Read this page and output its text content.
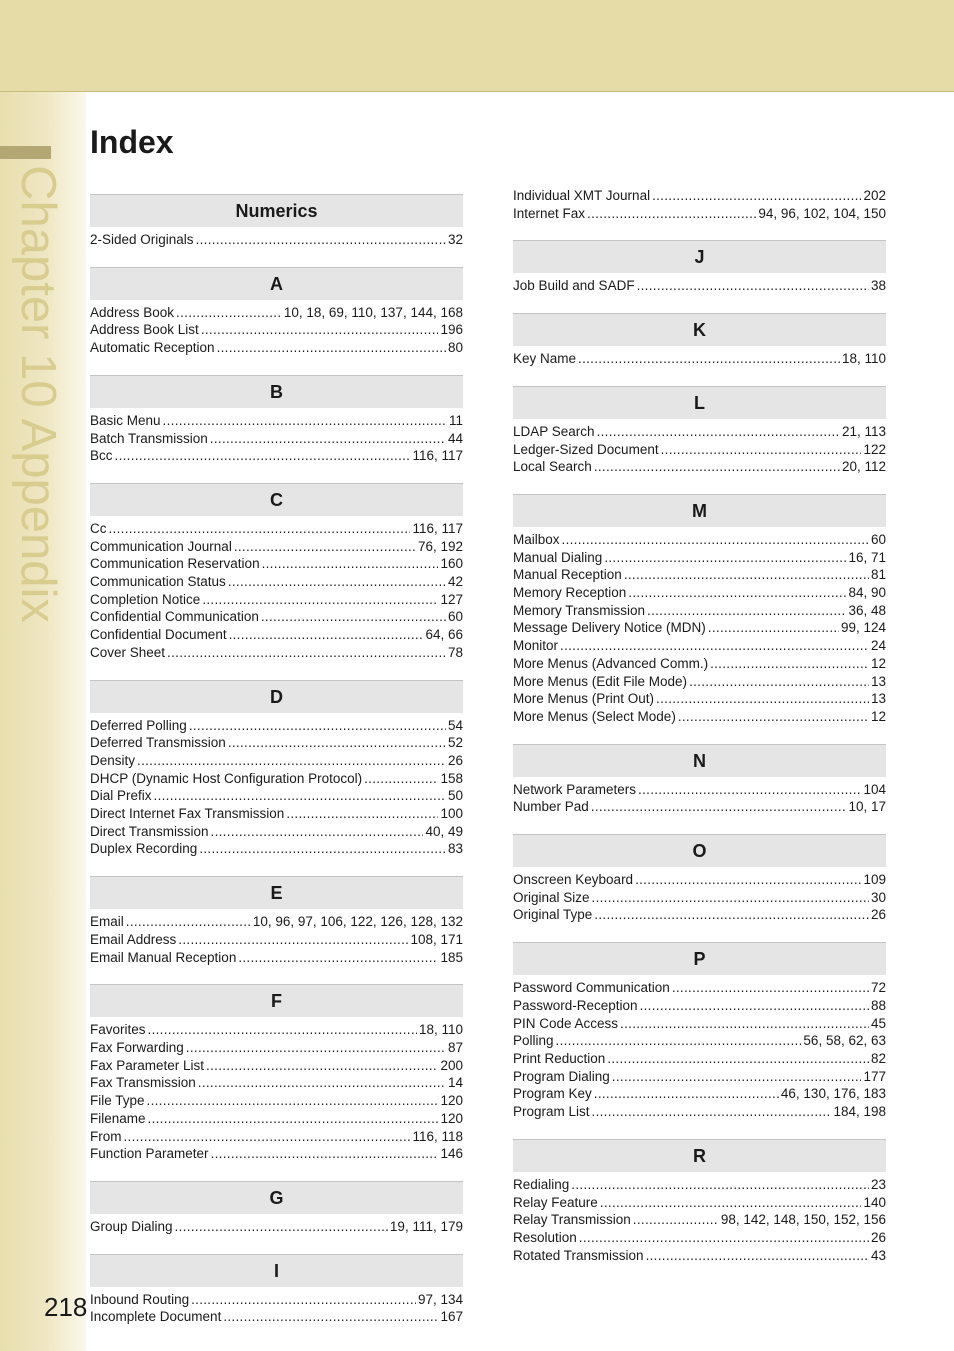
Chapter 10 Appendix
Index
Numerics
2-Sided Originals .....	32
A
Address Book .....	10, 18, 69, 110, 137, 144, 168
Address Book List .....	196
Automatic Reception .....	80
B
Basic Menu .....	11
Batch Transmission .....	44
Bcc .....	116, 117
C
Cc .....	116, 117
Communication Journal .....	76, 192
Communication Reservation .....	160
Communication Status .....	42
Completion Notice .....	127
Confidential Communication .....	60
Confidential Document .....	64, 66
Cover Sheet .....	78
D
Deferred Polling .....	54
Deferred Transmission .....	52
Density .....	26
DHCP (Dynamic Host Configuration Protocol) .....	158
Dial Prefix .....	50
Direct Internet Fax Transmission .....	100
Direct Transmission .....	40, 49
Duplex Recording .....	83
E
Email .....	10, 96, 97, 106, 122, 126, 128, 132
Email Address .....	108, 171
Email Manual Reception .....	185
F
Favorites .....	18, 110
Fax Forwarding .....	87
Fax Parameter List .....	200
Fax Transmission .....	14
File Type .....	120
Filename .....	120
From .....	116, 118
Function Parameter .....	146
G
Group Dialing .....	19, 111, 179
I
Inbound Routing .....	97, 134
Incomplete Document .....	167
Individual XMT Journal .....	202
Internet Fax .....	94, 96, 102, 104, 150
J
Job Build and SADF .....	38
K
Key Name .....	18, 110
L
LDAP Search .....	21, 113
Ledger-Sized Document .....	122
Local Search .....	20, 112
M
Mailbox .....	60
Manual Dialing .....	16, 71
Manual Reception .....	81
Memory Reception .....	84, 90
Memory Transmission .....	36, 48
Message Delivery Notice (MDN) .....	99, 124
Monitor .....	24
More Menus (Advanced Comm.) .....	12
More Menus (Edit File Mode) .....	13
More Menus (Print Out) .....	13
More Menus (Select Mode) .....	12
N
Network Parameters .....	104
Number Pad .....	10, 17
O
Onscreen Keyboard .....	109
Original Size .....	30
Original Type .....	26
P
Password Communication .....	72
Password-Reception .....	88
PIN Code Access .....	45
Polling .....	56, 58, 62, 63
Print Reduction .....	82
Program Dialing .....	177
Program Key .....	46, 130, 176, 183
Program List .....	184, 198
R
Redialing .....	23
Relay Feature .....	140
Relay Transmission .....	98, 142, 148, 150, 152, 156
Resolution .....	26
Rotated Transmission .....	43
218
